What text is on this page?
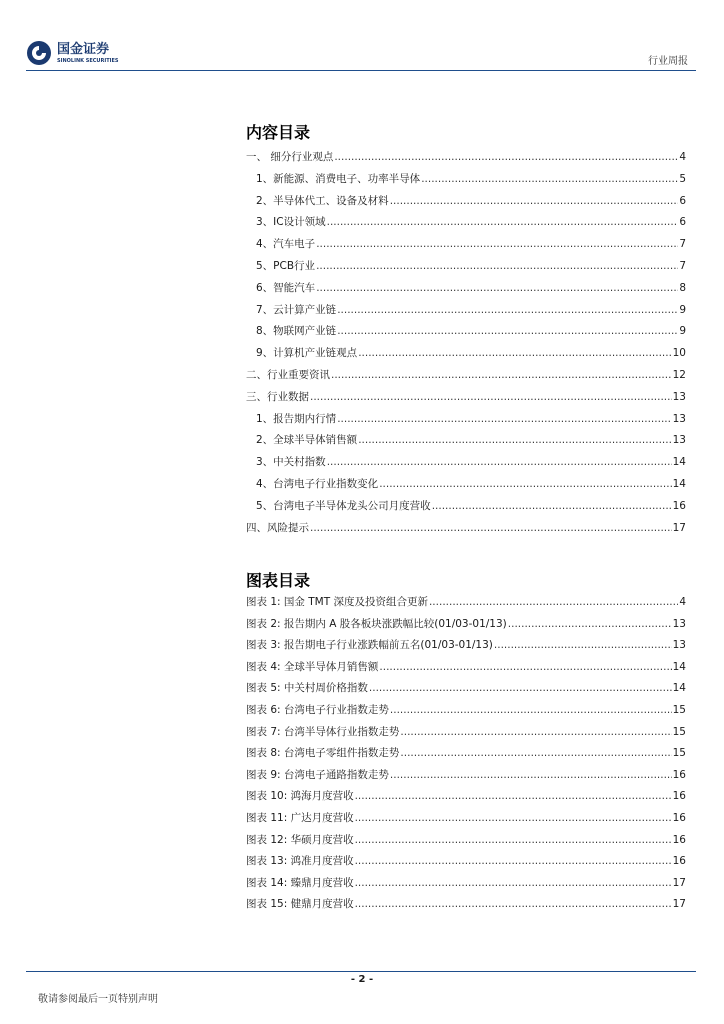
国金证券
SINOLINK SECURITIES	行业周报
内容目录
一、 细分行业观点 .....	4
1、新能源、消费电子、功率半导体 .....	5
2、半导体代工、设备及材料 .....	6
3、IC设计领域 .....	6
4、汽车电子 .....	7
5、PCB行业 .....	7
6、智能汽车 .....	8
7、云计算产业链 .....	9
8、物联网产业链 .....	9
9、计算机产业链观点 .....	10
二、行业重要资讯 .....	12
三、行业数据 .....	13
1、报告期内行情 .....	13
2、全球半导体销售额 .....	13
3、中关村指数 .....	14
4、台湾电子行业指数变化 .....	14
5、台湾电子半导体龙头公司月度营收 .....	16
四、风险提示 .....	17
图表目录
图表 1: 国金 TMT 深度及投资组合更新 .....	4
图表 2: 报告期内 A 股各板块涨跌幅比较(01/03-01/13) .....	13
图表 3: 报告期电子行业涨跌幅前五名(01/03-01/13) .....	13
图表 4: 全球半导体月销售额 .....	14
图表 5: 中关村周价格指数 .....	14
图表 6: 台湾电子行业指数走势 .....	15
图表 7: 台湾半导体行业指数走势 .....	15
图表 8: 台湾电子零组件指数走势 .....	15
图表 9: 台湾电子通路指数走势 .....	16
图表 10: 鸿海月度营收 .....	16
图表 11: 广达月度营收 .....	16
图表 12: 华硕月度营收 .....	16
图表 13: 鸿准月度营收 .....	16
图表 14: 臻鼎月度营收 .....	17
图表 15: 健鼎月度营收 .....	17
- 2 -
敬请参阅最后一页特别声明
